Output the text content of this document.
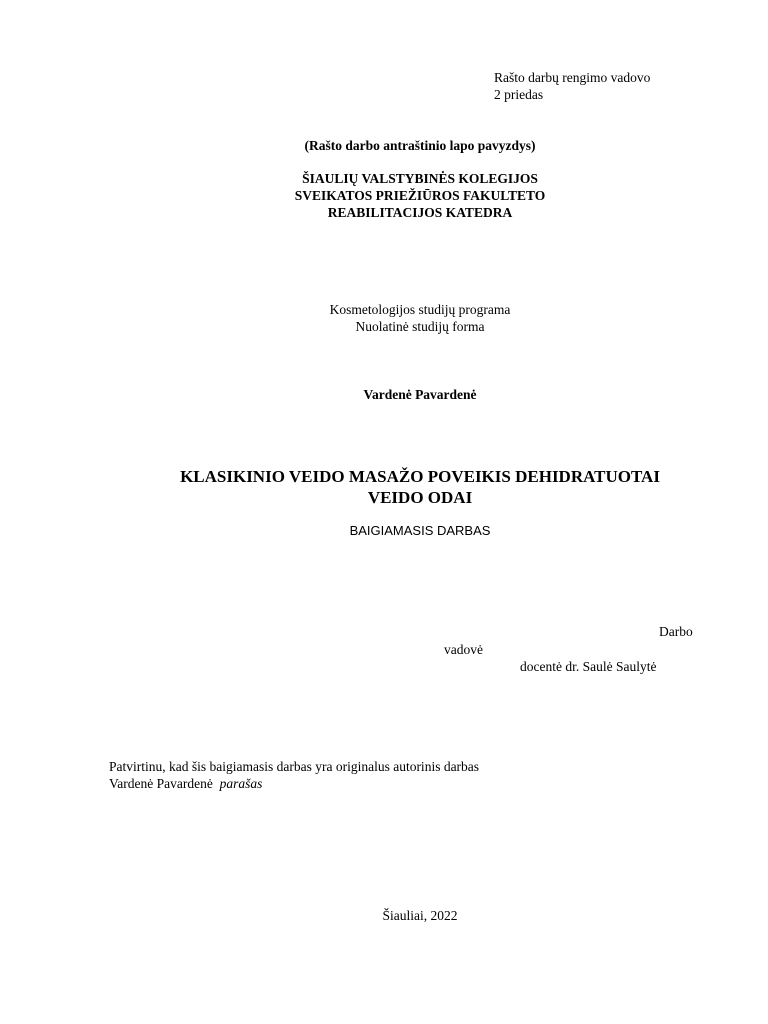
Rašto darbų rengimo vadovo
2 priedas
(Rašto darbo antraštinio lapo pavyzdys)
ŠIAULIŲ VALSTYBINĖS KOLEGIJOS
SVEIKATOS PRIEŽIŪROS FAKULTETO
REABILITACIJOS KATEDRA
Kosmetologijos studijų programa
Nuolatinė studijų forma
Vardenė Pavardenė
KLASIKINIO VEIDO MASAŽO POVEIKIS DEHIDRATUOTAI
VEIDO ODAI
BAIGIAMASIS DARBAS
Darbo
vadovė
docentė dr. Saulė Saulytė
Patvirtinu, kad šis baigiamasis darbas yra originalus autorinis darbas
Vardenė Pavardenė parašas
Šiauliai, 2022
